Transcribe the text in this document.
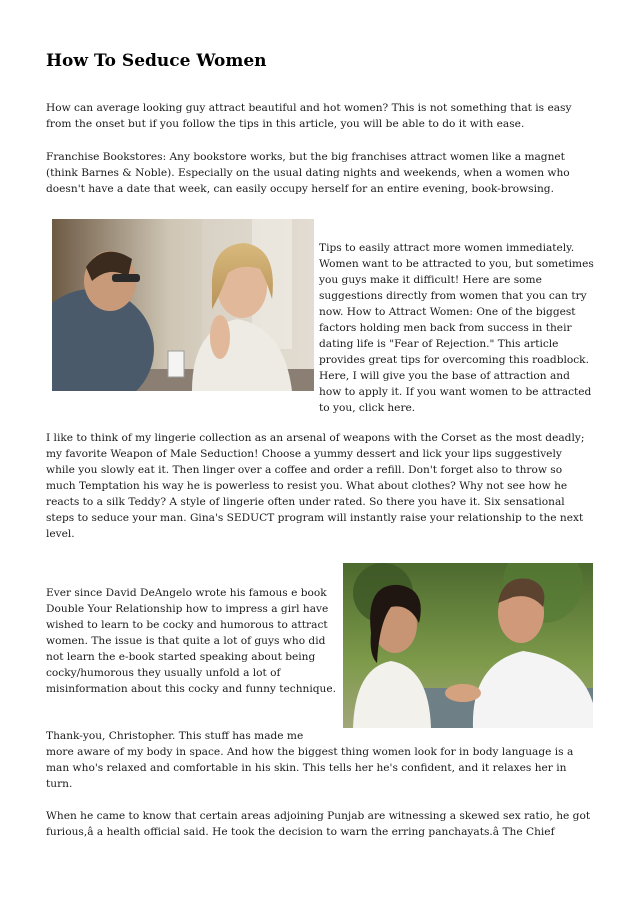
How To Seduce Women

How can average looking guy attract beautiful and hot women? This is not something that is easy from the onset but if you follow the tips in this article, you will be able to do it with ease.

Franchise Bookstores: Any bookstore works, but the big franchises attract women like a magnet (think Barnes & Noble). Especially on the usual dating nights and weekends, when a women who doesn't have a date that week, can easily occupy herself for an entire evening, book-browsing.

Tips to easily attract more women immediately. Women want to be attracted to you, but sometimes you guys make it difficult! Here are some suggestions directly from women that you can try now. How to Attract Women: One of the biggest factors holding men back from success in their dating life is "Fear of Rejection." This article provides great tips for overcoming this roadblock. Here, I will give you the base of attraction and how to apply it. If you want women to be attracted to you, click here.

I like to think of my lingerie collection as an arsenal of weapons with the Corset as the most deadly; my favorite Weapon of Male Seduction! Choose a yummy dessert and lick your lips suggestively while you slowly eat it. Then linger over a coffee and order a refill. Don't forget also to throw so much Temptation his way he is powerless to resist you. What about clothes? Why not see how he reacts to a silk Teddy? A style of lingerie often under rated. So there you have it. Six sensational steps to seduce your man. Gina's SEDUCT program will instantly raise your relationship to the next level.

Ever since David DeAngelo wrote his famous e book Double Your Relationship how to impress a girl have wished to learn to be cocky and humorous to attract women. The issue is that quite a lot of guys who did not learn the e-book started speaking about being cocky/humorous they usually unfold a lot of misinformation about this cocky and funny technique.

Thank-you, Christopher. This stuff has made me

more aware of my body in space. And how the biggest thing women look for in body language is a man who's relaxed and comfortable in his skin. This tells her he's confident, and it relaxes her in turn.

When he came to know that certain areas adjoining Punjab are witnessing a skewed sex ratio, he got furious,â a health official said. He took the decision to warn the erring panchayats.â The Chief
